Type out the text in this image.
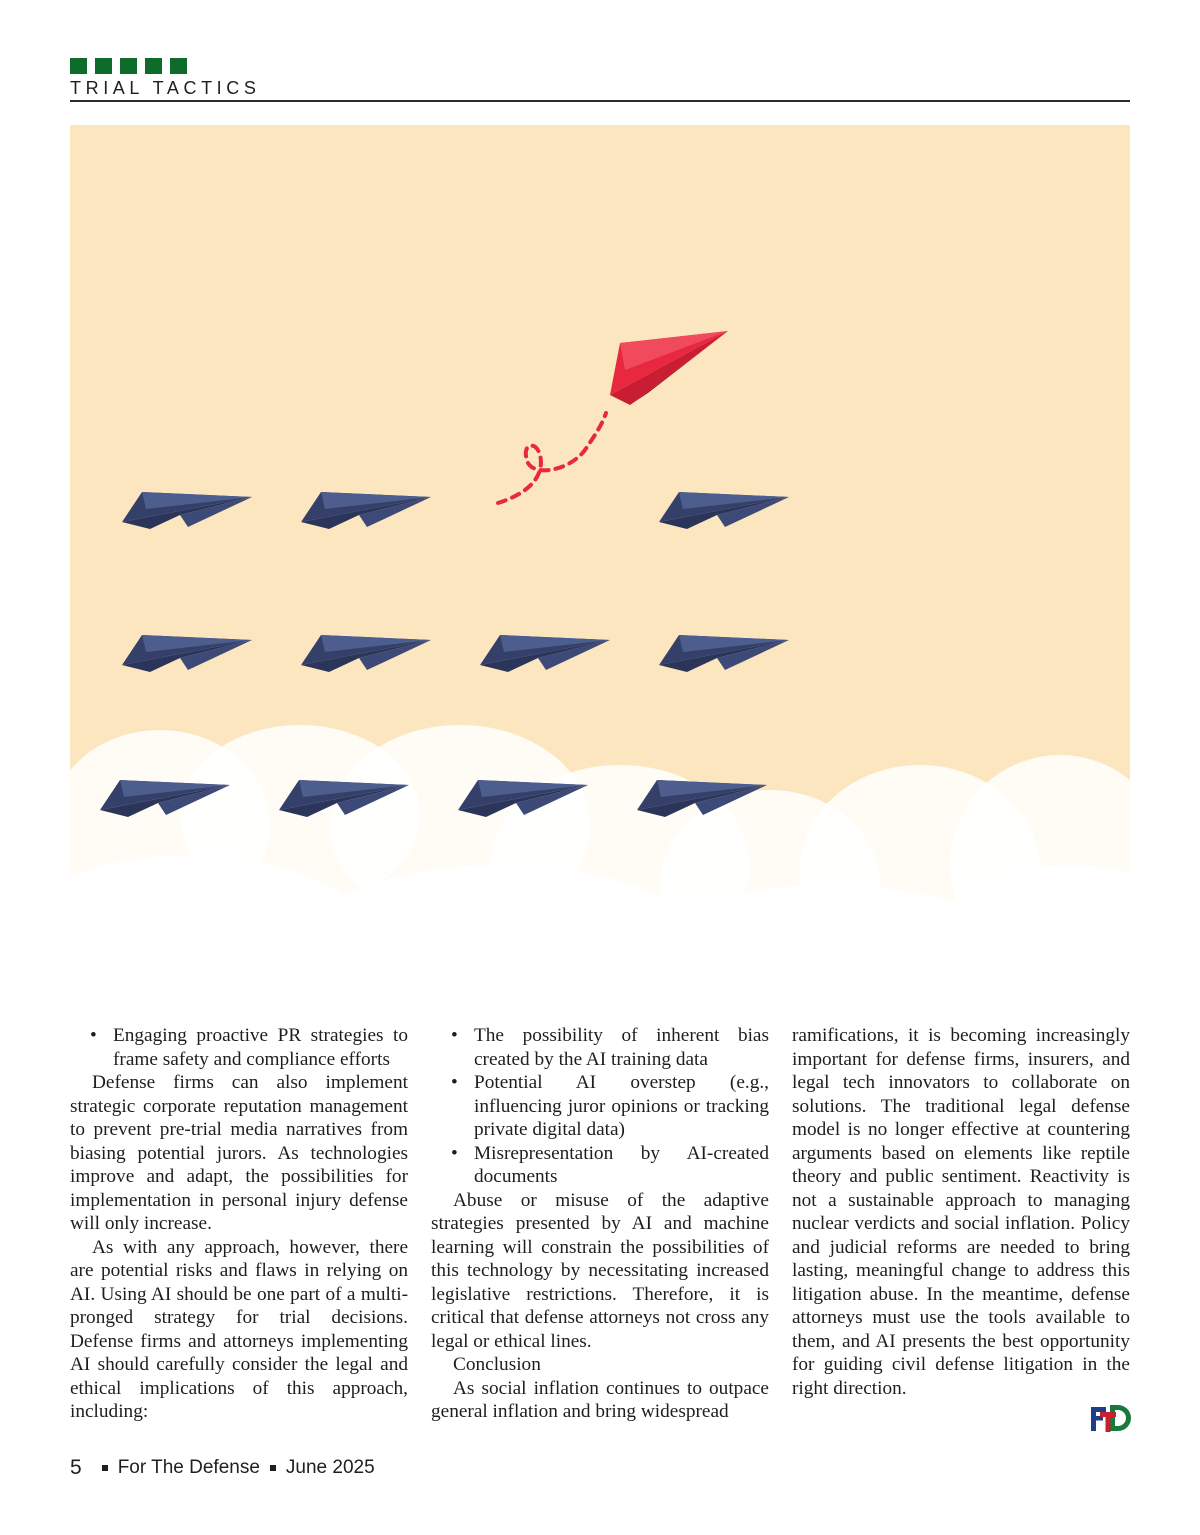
TRIAL TACTICS
• Engaging proactive PR strategies to frame safety and compliance efforts

Defense firms can also implement strategic corporate reputation management to prevent pre-trial media narratives from biasing potential jurors. As technologies improve and adapt, the possibilities for implementation in personal injury defense will only increase.

As with any approach, however, there are potential risks and flaws in relying on AI. Using AI should be one part of a multi-pronged strategy for trial decisions. Defense firms and attorneys implementing AI should carefully consider the legal and ethical implications of this approach, including:

• The possibility of inherent bias created by the AI training data
• Potential AI overstep (e.g., influencing juror opinions or tracking private digital data)
• Misrepresentation by AI-created documents

Abuse or misuse of the adaptive strategies presented by AI and machine learning will constrain the possibilities of this technology by necessitating increased legislative restrictions. Therefore, it is critical that defense attorneys not cross any legal or ethical lines.

Conclusion

As social inflation continues to outpace general inflation and bring widespread

ramifications, it is becoming increasingly important for defense firms, insurers, and legal tech innovators to collaborate on solutions. The traditional legal defense model is no longer effective at countering arguments based on elements like reptile theory and public sentiment. Reactivity is not a sustainable approach to managing nuclear verdicts and social inflation. Policy and judicial reforms are needed to bring lasting, meaningful change to address this litigation abuse. In the meantime, defense attorneys must use the tools available to them, and AI presents the best opportunity for guiding civil defense litigation in the right direction.

5 For The Defense June 2025
